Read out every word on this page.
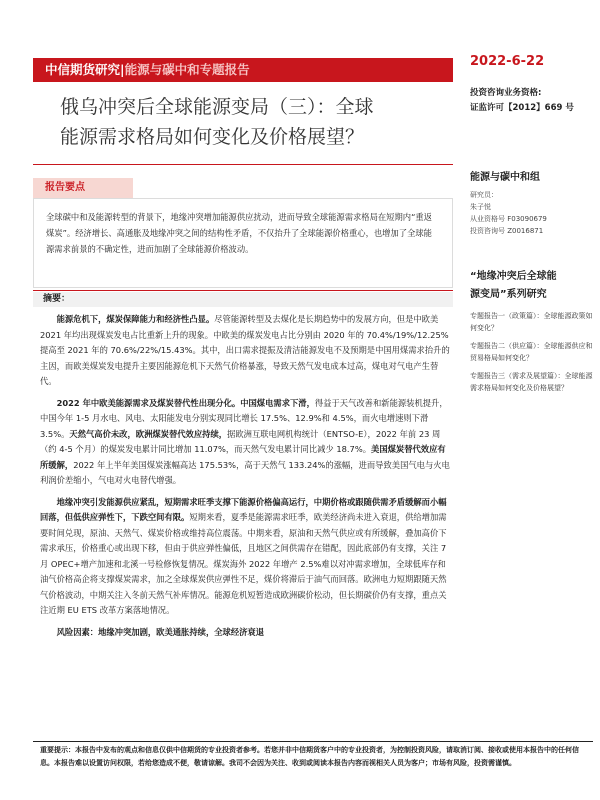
中信期货研究|能源与碳中和专题报告
2022-6-22
投资咨询业务资格:
证监许可【2012】669 号
俄乌冲突后全球能源变局（三）：全球
能源需求格局如何变化及价格展望？
报告要点
全球碳中和及能源转型的背景下，地缘冲突增加能源供应扰动，进而导致全球能源需求格局在短期内“重返煤炭”。经济增长、高通胀及地缘冲突之间的结构性矛盾，不仅抬升了全球能源价格重心，也增加了全球能源需求前景的不确定性，进而加剧了全球能源价格波动。
摘要：

能源危机下，煤炭保障能力和经济性凸显。尽管能源转型及去煤化是长期趋势中的发展方向，但是中欧美 2021 年均出现煤炭发电占比重新上升的现象。中欧美的煤炭发电占比分别由 2020 年的 70.4%/19%/12.25%提高至 2021 年的 70.6%/22%/15.43%。其中，出口需求提振及清洁能源发电不及预期是中国用煤需求抬升的主因，而欧美煤炭发电提升主要因能源危机下天然气价格暴涨，导致天然气发电成本过高，煤电对气电产生替代。

2022 年中欧美能源需求及煤炭替代性出现分化。中国煤电需求下滑，得益于天气改善和新能源装机提升，中国今年 1-5 月水电、风电、太阳能发电分别实现同比增长 17.5%、12.9%和 4.5%，而火电增速则下滑 3.5%。天然气高价未改，欧洲煤炭替代效应持续，据欧洲互联电网机构统计（ENTSO-E），2022 年前 23 周（约 4-5 个月）的煤炭发电累计同比增加 11.07%，而天然气发电累计同比减少 18.7%。美国煤炭替代效应有所缓解，2022 年上半年美国煤炭涨幅高达 175.53%，高于天然气 133.24%的涨幅，进而导致美国气电与火电利润价差缩小，气电对火电替代增强。

地缘冲突引发能源供应紧乱，短期需求旺季支撑下能源价格偏高运行，中期价格或跟随供需矛盾缓解而小幅回落，但低供应弹性下，下跌空间有限。短期来看，夏季是能源需求旺季，欧美经济尚未进入衰退，供给增加需要时间兑现，原油、天然气、煤炭价格或维持高位震荡。中期来看，原油和天然气供应或有所缓解，叠加高价下需求承压，价格重心或出现下移，但由于供应弹性偏低，且地区之间供需存在错配，因此底部仍有支撑，关注 7 月 OPEC+增产加速和北溪一号检修恢复情况。煤炭海外 2022 年增产 2.5%难以对冲需求增加，全球低库存和油气价格高企将支撑煤炭需求，加之全球煤炭供应弹性不足，煤价将滞后于油气而回落。欧洲电力短期跟随天然气价格波动，中期关注入冬前天然气补库情况。能源危机短暂造成欧洲碳价松动，但长期碳价仍有支撑，重点关注近期 EU ETS 改革方案落地情况。

风险因素：地缘冲突加剧，欧美通胀持续，全球经济衰退

重要提示：本报告中发布的观点和信息仅供中信期货的专业投资者参考。若您并非中信期货客户中的专业投资者，为控制投资风险，请取消订阅、接收或使用本报告中的任何信息。本报告难以设置访问权限，若给您造成不便，敬请谅解。我司不会因为关注、收到或阅读本报告内容而视相关人员为客户；市场有风险，投资需谨慎。
能源与碳中和组
研究员：
朱子悦
从业资格号 F03090679
投资咨询号 Z0016871
“地缘冲突后全球能
源变局”系列研究
专题报告一（政策篇）：全球能源政策如何变化？
专题报告二（供应篇）：全球能源供应和贸易格局如何变化？
专题报告三（需求及展望篇）：全球能源需求格局如何变化及价格展望？
